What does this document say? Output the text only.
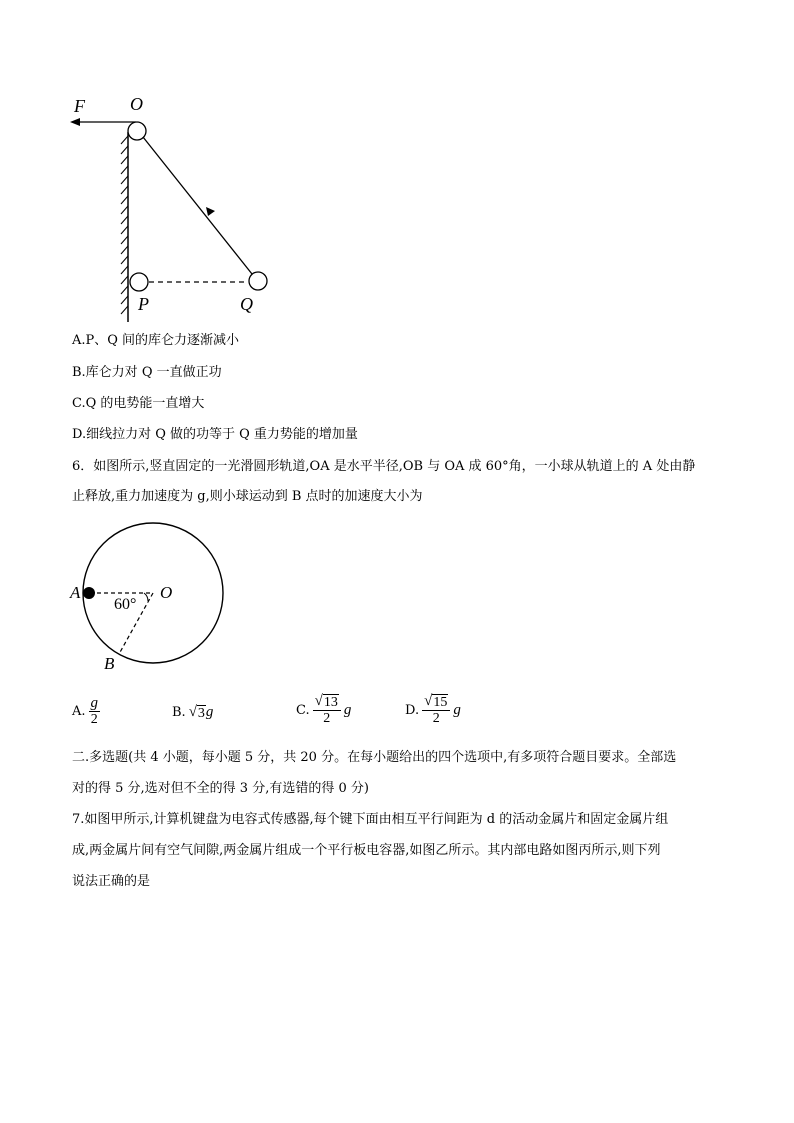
F	O
P	Q
A.P、Q 间的库仑力逐渐减小
B.库仑力对 Q 一直做正功
C.Q 的电势能一直增大
D.细线拉力对 Q 做的功等于 Q 重力势能的增加量
6．如图所示,竖直固定的一光滑圆形轨道,OA 是水平半径,OB 与 OA 成 60°角，一小球从轨道上的 A 处由静
止释放,重力加速度为 g,则小球运动到 B 点时的加速度大小为
A	O
B
60°
A. $\frac{g}{2}$	B. √ 3 g	C. $\frac{√ 13}{2}$ g	D. $\frac{√ 15}{2}$ g
二.多选题(共 4 小题，每小题 5 分，共 20 分。在每小题给出的四个选项中,有多项符合题目要求。全部选
对的得 5 分,选对但不全的得 3 分,有选错的得 0 分)
7.如图甲所示,计算机键盘为电容式传感器,每个键下面由相互平行间距为 d 的活动金属片和固定金属片组
成,两金属片间有空气间隙,两金属片组成一个平行板电容器,如图乙所示。其内部电路如图丙所示,则下列
说法正确的是
